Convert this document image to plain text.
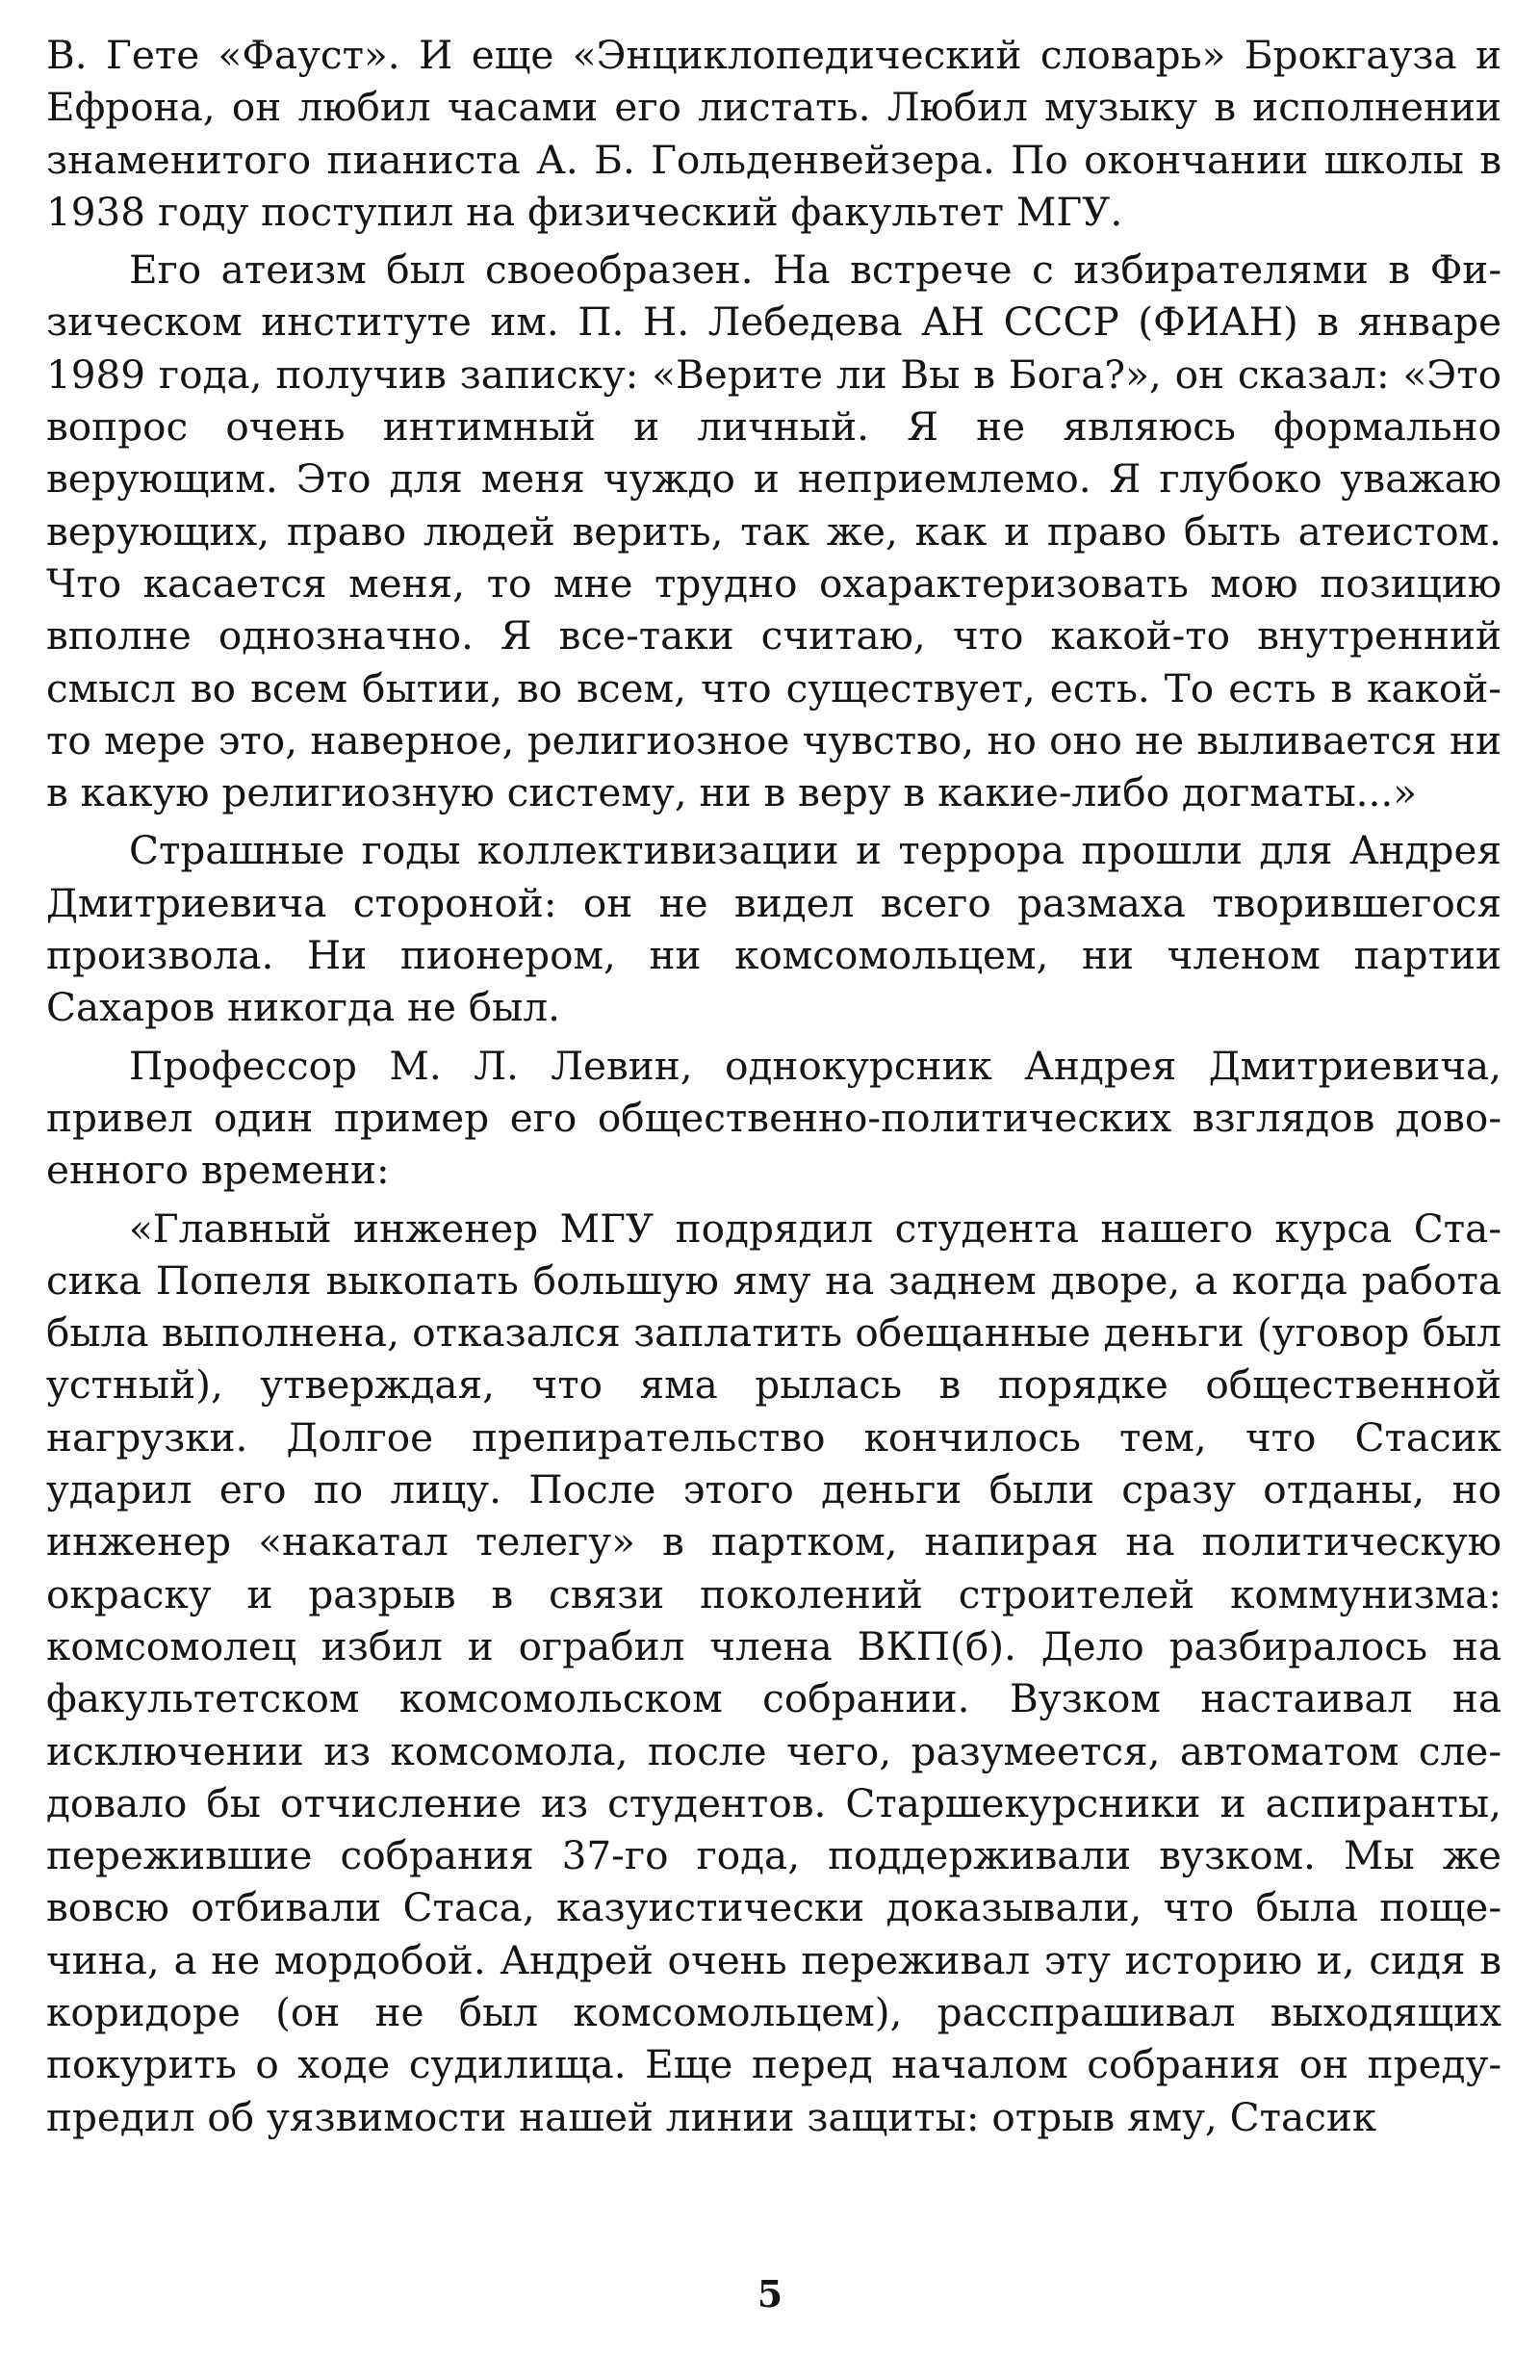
В. Гете «Фауст». И еще «Энциклопедический словарь» Брокгауза и Ефрона, он любил часами его листать. Любил музыку в исполнении знаменитого пианиста А. Б. Гольденвейзера. По окончании школы в 1938 году поступил на физический факультет МГУ.

Его атеизм был своеобразен. На встрече с избирателями в Физическом институте им. П. Н. Лебедева АН СССР (ФИАН) в январе 1989 года, получив записку: «Верите ли Вы в Бога?», он сказал: «Это вопрос очень интимный и личный. Я не являюсь формально верующим. Это для меня чуждо и неприемлемо. Я глубоко уважаю верующих, право людей верить, так же, как и право быть атеистом. Что касается меня, то мне трудно охарактеризовать мою позицию вполне однозначно. Я все-таки считаю, что какой-то внутренний смысл во всем бытии, во всем, что существует, есть. То есть в какой-то мере это, наверное, религиозное чувство, но оно не выливается ни в какую религиозную систему, ни в веру в какие-либо догматы...»

Страшные годы коллективизации и террора прошли для Андрея Дмитриевича стороной: он не видел всего размаха творившегося произвола. Ни пионером, ни комсомольцем, ни членом партии Сахаров никогда не был.

Профессор М. Л. Левин, однокурсник Андрея Дмитриевича, привел один пример его общественно-политических взглядов довоенного времени:

«Главный инженер МГУ подрядил студента нашего курса Стасика Попеля выкопать большую яму на заднем дворе, а когда работа была выполнена, отказался заплатить обещанные деньги (уговор был устный), утверждая, что яма рылась в порядке общественной нагрузки. Долгое препирательство кончилось тем, что Стасик ударил его по лицу. После этого деньги были сразу отданы, но инженер «накатал телегу» в партком, напирая на политическую окраску и разрыв в связи поколений строителей коммунизма: комсомолец избил и ограбил члена ВКП(б). Дело разбиралось на факультетском комсомольском собрании. Вузком настаивал на исключении из комсомола, после чего, разумеется, автоматом следовало бы отчисление из студентов. Старшекурсники и аспиранты, пережившие собрания 37-го года, поддерживали вузком. Мы же вовсю отбивали Стаса, казуистически доказывали, что была пощечина, а не мордобой. Андрей очень переживал эту историю и, сидя в коридоре (он не был комсомольцем), расспрашивал выходящих покурить о ходе судилища. Еще перед началом собрания он предупредил об уязвимости нашей линии защиты: отрыв яму, Стасик

5
